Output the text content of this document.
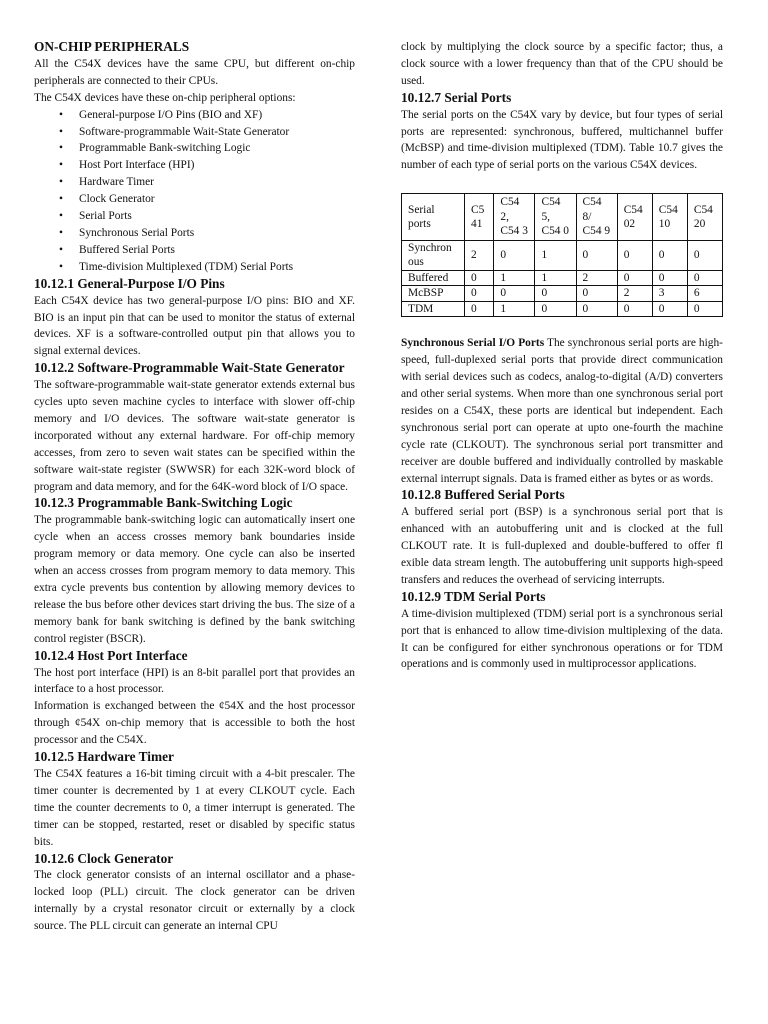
ON-CHIP PERIPHERALS

All the C54X devices have the same CPU, but different on-chip peripherals are connected to their CPUs.

The C54X devices have these on-chip peripheral options:

• General-purpose I/O Pins (BIO and XF)
• Software-programmable Wait-State Generator
• Programmable Bank-switching Logic
• Host Port Interface (HPI)
• Hardware Timer
• Clock Generator
• Serial Ports
• Synchronous Serial Ports
• Buffered Serial Ports
• Time-division Multiplexed (TDM) Serial Ports
10.12.1 General-Purpose I/O Pins

Each C54X device has two general-purpose I/O pins: BIO and XF. BIO is an input pin that can be used to monitor the status of external devices. XF is a software-controlled output pin that allows you to signal external devices.

10.12.2 Software-Programmable Wait-State Generator

The software-programmable wait-state generator extends external bus cycles upto seven machine cycles to interface with slower off-chip memory and I/O devices. The software wait-state generator is incorporated without any external hardware. For off-chip memory accesses, from zero to seven wait states can be specified within the software wait-state register (SWWSR) for each 32K-word block of program and data memory, and for the 64K-word block of I/O space.

10.12.3 Programmable Bank-Switching Logic

The programmable bank-switching logic can automatically insert one cycle when an access crosses memory bank boundaries inside program memory or data memory. One cycle can also be inserted when an access crosses from program memory to data memory. This extra cycle prevents bus contention by allowing memory devices to release the bus before other devices start driving the bus. The size of a memory bank for bank switching is defined by the bank switching control register (BSCR).

10.12.4 Host Port Interface

The host port interface (HPI) is an 8-bit parallel port that provides an interface to a host processor.

Information is exchanged between the ¢54X and the host processor through ¢54X on-chip memory that is accessible to both the host processor and the C54X.

10.12.5 Hardware Timer

The C54X features a 16-bit timing circuit with a 4-bit prescaler. The timer counter is decremented by 1 at every CLKOUT cycle. Each time the counter decrements to 0, a timer interrupt is generated. The timer can be stopped, restarted, reset or disabled by specific status bits.

10.12.6 Clock Generator

The clock generator consists of an internal oscillator and a phase-locked loop (PLL) circuit. The clock generator can be driven internally by a crystal resonator circuit or externally by a clock source. The PLL circuit can generate an internal CPU

clock by multiplying the clock source by a specific factor; thus, a clock source with a lower frequency than that of the CPU should be used.

10.12.7 Serial Ports

The serial ports on the C54X vary by device, but four types of serial ports are represented: synchronous, buffered, multichannel buffer (McBSP) and time-division multiplexed (TDM). Table 10.7 gives the number of each type of serial ports on the various C54X devices.

Serial ports	C5 41	C54 2, C54 3	C54 5, C54 0	C54 8/ C54 9	C54 02	C54 10	C54 20
Synchron ous	2	0	1	0	0	0	0
Buffered	0	1	1	2	0	0	0
McBSP	0	0	0	0	2	3	6
TDM	0	1	0	0	0	0	0

Synchronous Serial I/O Ports The synchronous serial ports are high-speed, full-duplexed serial ports that provide direct communication with serial devices such as codecs, analog-to-digital (A/D) converters and other serial systems. When more than one synchronous serial port resides on a C54X, these ports are identical but independent. Each synchronous serial port can operate at upto one-fourth the machine cycle rate (CLKOUT). The synchronous serial port transmitter and receiver are double buffered and individually controlled by maskable external interrupt signals. Data is framed either as bytes or as words.

10.12.8 Buffered Serial Ports

A buffered serial port (BSP) is a synchronous serial port that is enhanced with an autobuffering unit and is clocked at the full CLKOUT rate. It is full-duplexed and double-buffered to offer fl exible data stream length. The autobuffering unit supports high-speed transfers and reduces the overhead of servicing interrupts.

10.12.9 TDM Serial Ports

A time-division multiplexed (TDM) serial port is a synchronous serial port that is enhanced to allow time-division multiplexing of the data. It can be configured for either synchronous operations or for TDM operations and is commonly used in multiprocessor applications.
